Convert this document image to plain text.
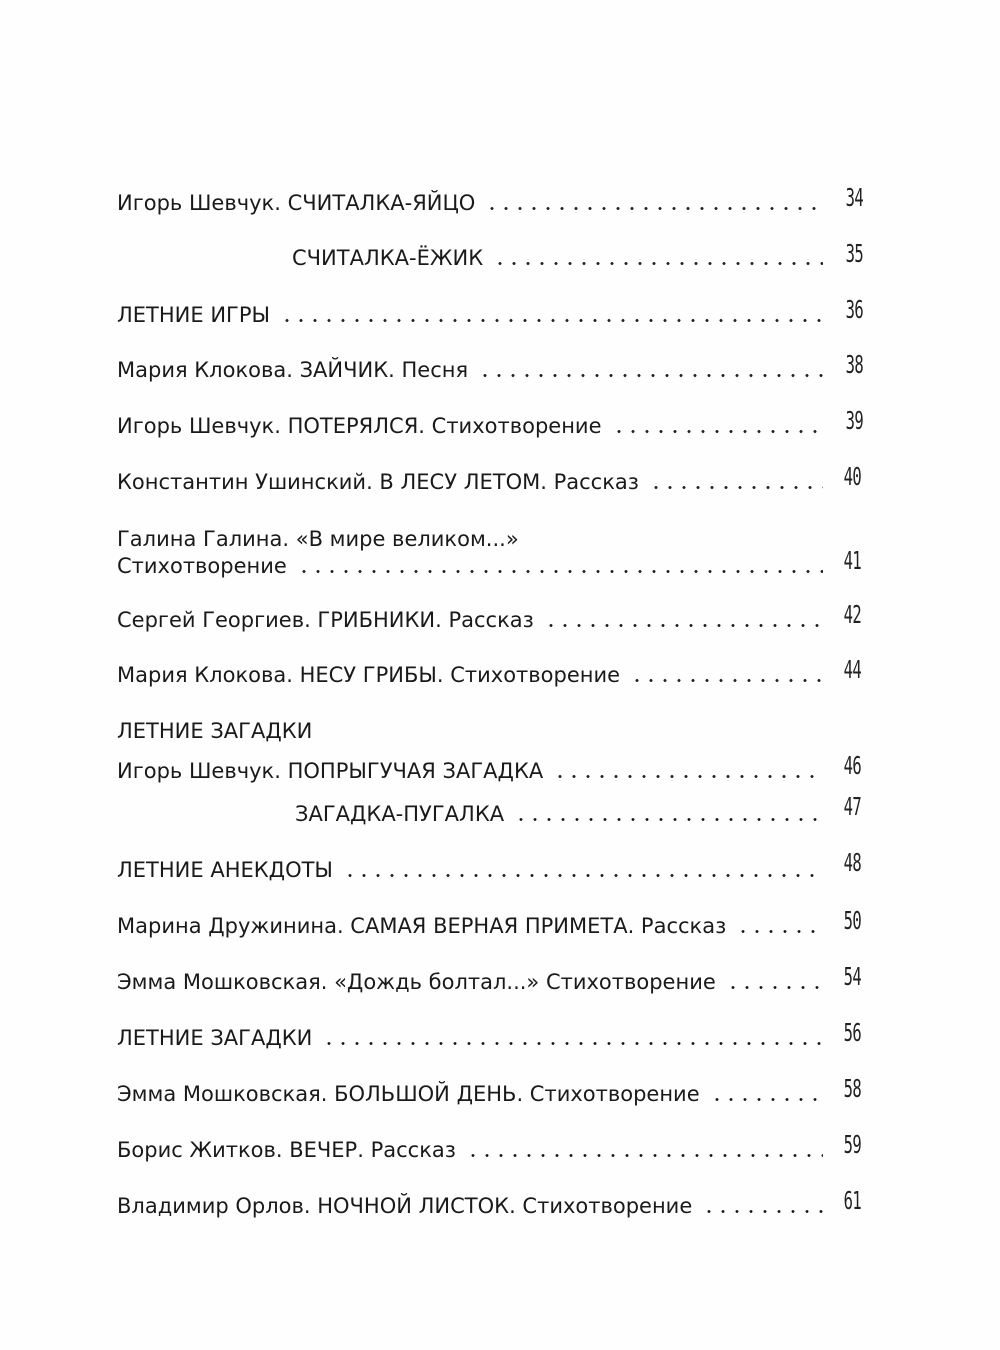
Игорь Шевчук. СЧИТАЛКА-ЯЙЦО	34
СЧИТАЛКА-ЁЖИК	35
ЛЕТНИЕ ИГРЫ	36
Мария Клокова. ЗАЙЧИК. Песня	38
Игорь Шевчук. ПОТЕРЯЛСЯ. Стихотворение	39
Константин Ушинский. В ЛЕСУ ЛЕТОМ. Рассказ	40
Галина Галина. «В мире великом...»
Стихотворение	41
Сергей Георгиев. ГРИБНИКИ. Рассказ	42
Мария Клокова. НЕСУ ГРИБЫ. Стихотворение	44
ЛЕТНИЕ ЗАГАДКИ
Игорь Шевчук. ПОПРЫГУЧАЯ ЗАГАДКА	46
ЗАГАДКА-ПУГАЛКА	47
ЛЕТНИЕ АНЕКДОТЫ	48
Марина Дружинина. САМАЯ ВЕРНАЯ ПРИМЕТА. Рассказ	50
Эмма Мошковская. «Дождь болтал...» Стихотворение	54
ЛЕТНИЕ ЗАГАДКИ	56
Эмма Мошковская. БОЛЬШОЙ ДЕНЬ. Стихотворение	58
Борис Житков. ВЕЧЕР. Рассказ	59
Владимир Орлов. НОЧНОЙ ЛИСТОК. Стихотворение	61
